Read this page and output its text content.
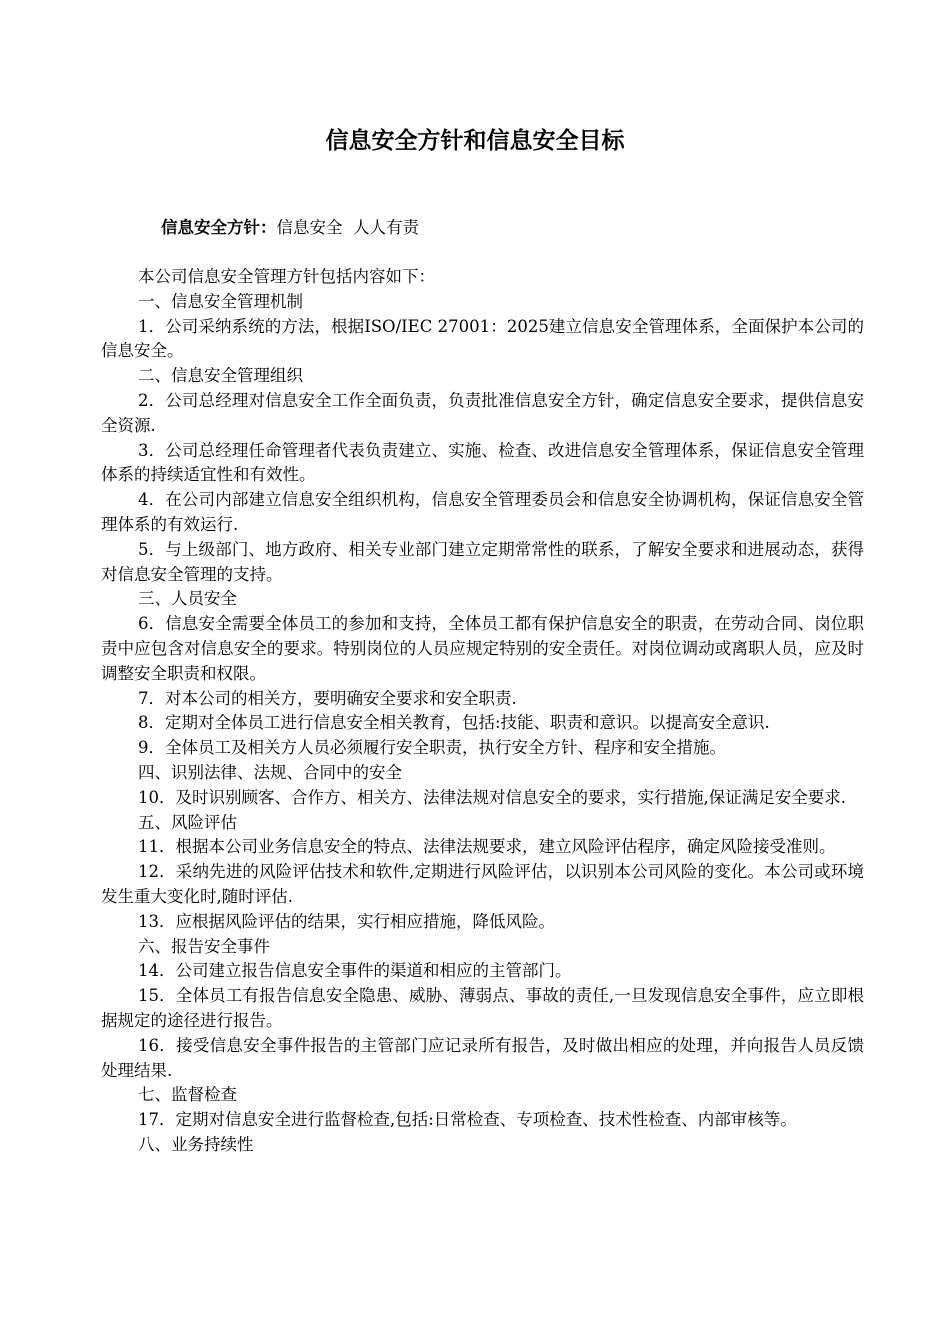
信息安全方针和信息安全目标
信息安全方针：信息安全  人人有责

本公司信息安全管理方针包括内容如下：

一、信息安全管理机制

1．公司采纳系统的方法，根据ISO/IEC 27001：2025建立信息安全管理体系，全面保护本公司的信息安全。

二、信息安全管理组织

2．公司总经理对信息安全工作全面负责，负责批准信息安全方针，确定信息安全要求，提供信息安全资源.

3．公司总经理任命管理者代表负责建立、实施、检查、改进信息安全管理体系，保证信息安全管理体系的持续适宜性和有效性。

4．在公司内部建立信息安全组织机构，信息安全管理委员会和信息安全协调机构，保证信息安全管理体系的有效运行.

5．与上级部门、地方政府、相关专业部门建立定期常常性的联系，了解安全要求和进展动态，获得对信息安全管理的支持。

三、人员安全

6．信息安全需要全体员工的参加和支持，全体员工都有保护信息安全的职责，在劳动合同、岗位职责中应包含对信息安全的要求。特别岗位的人员应规定特别的安全责任。对岗位调动或离职人员，应及时调整安全职责和权限。

7．对本公司的相关方，要明确安全要求和安全职责.

8．定期对全体员工进行信息安全相关教育，包括:技能、职责和意识。以提高安全意识.

9．全体员工及相关方人员必须履行安全职责，执行安全方针、程序和安全措施。

四、识别法律、法规、合同中的安全

10．及时识别顾客、合作方、相关方、法律法规对信息安全的要求，实行措施,保证满足安全要求.

五、风险评估

11．根据本公司业务信息安全的特点、法律法规要求，建立风险评估程序，确定风险接受准则。

12．采纳先进的风险评估技术和软件,定期进行风险评估，以识别本公司风险的变化。本公司或环境发生重大变化时,随时评估.

13．应根据风险评估的结果，实行相应措施，降低风险。

六、报告安全事件

14．公司建立报告信息安全事件的渠道和相应的主管部门。

15．全体员工有报告信息安全隐患、威胁、薄弱点、事故的责任,一旦发现信息安全事件，应立即根据规定的途径进行报告。

16．接受信息安全事件报告的主管部门应记录所有报告，及时做出相应的处理，并向报告人员反馈处理结果.

七、监督检查

17．定期对信息安全进行监督检查,包括:日常检查、专项检查、技术性检查、内部审核等。

八、业务持续性
